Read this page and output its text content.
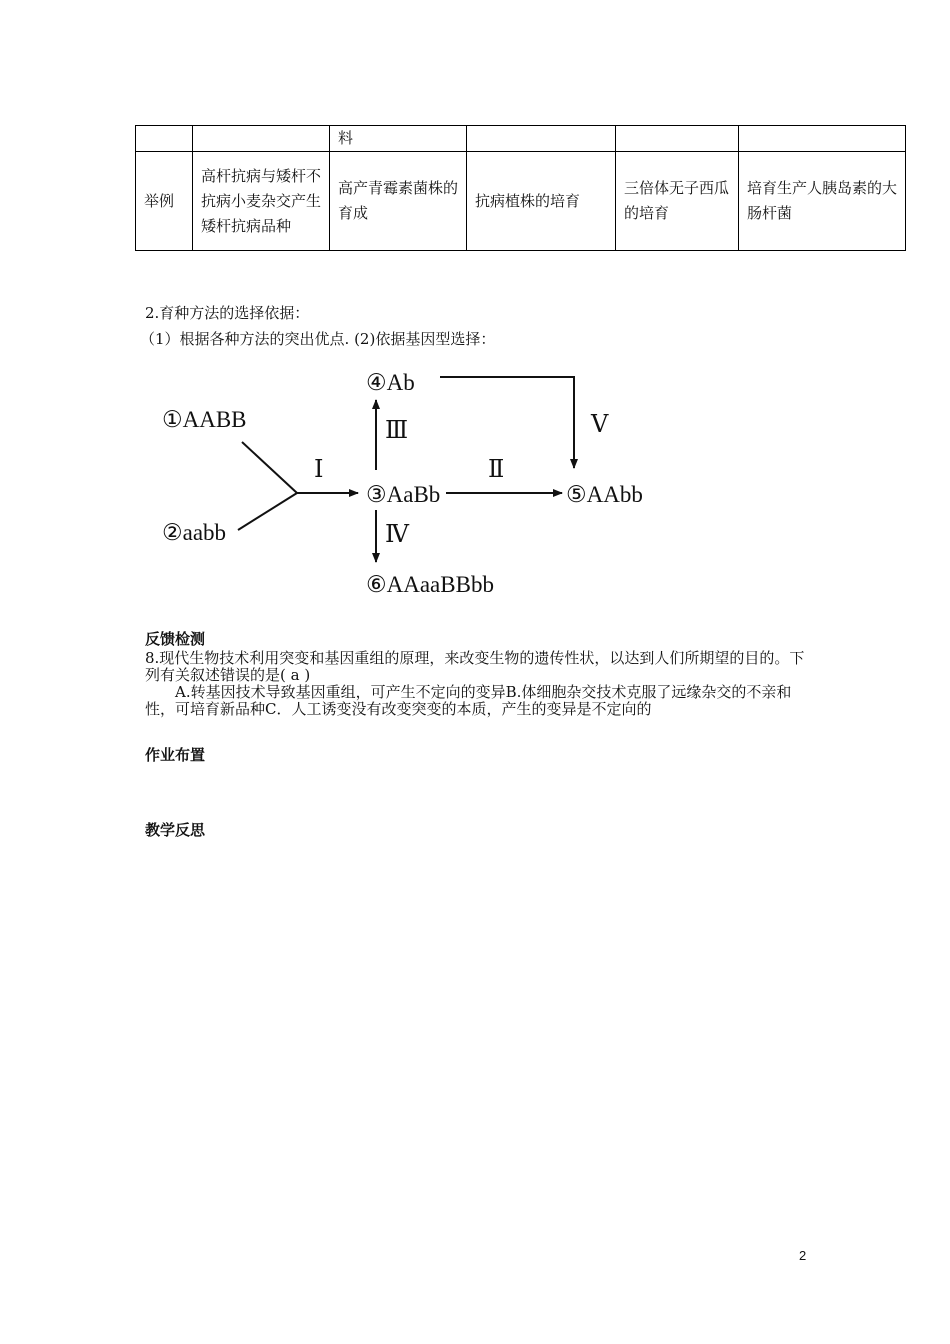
		料			
举例	高杆抗病与矮杆不抗病小麦杂交产生矮杆抗病品种	高产青霉素菌株的育成	抗病植株的培育	三倍体无子西瓜的培育	培育生产人胰岛素的大肠杆菌
2.育种方法的选择依据：
（1）根据各种方法的突出优点. (2)依据基因型选择：
①AABB
②aabb
③AaBb
④Ab
⑤AAbb
⑥AAaaBBbb
Ⅰ	Ⅱ
Ⅲ
Ⅳ
Ⅴ
反馈检测
8.现代生物技术利用突变和基因重组的原理，来改变生物的遗传性状，以达到人们所期望的目的。下列有关叙述错误的是( a )
A.转基因技术导致基因重组，可产生不定向的变异B.体细胞杂交技术克服了远缘杂交的不亲和性，可培育新品种C．人工诱变没有改变突变的本质，产生的变异是不定向的
作业布置
教学反思
2
